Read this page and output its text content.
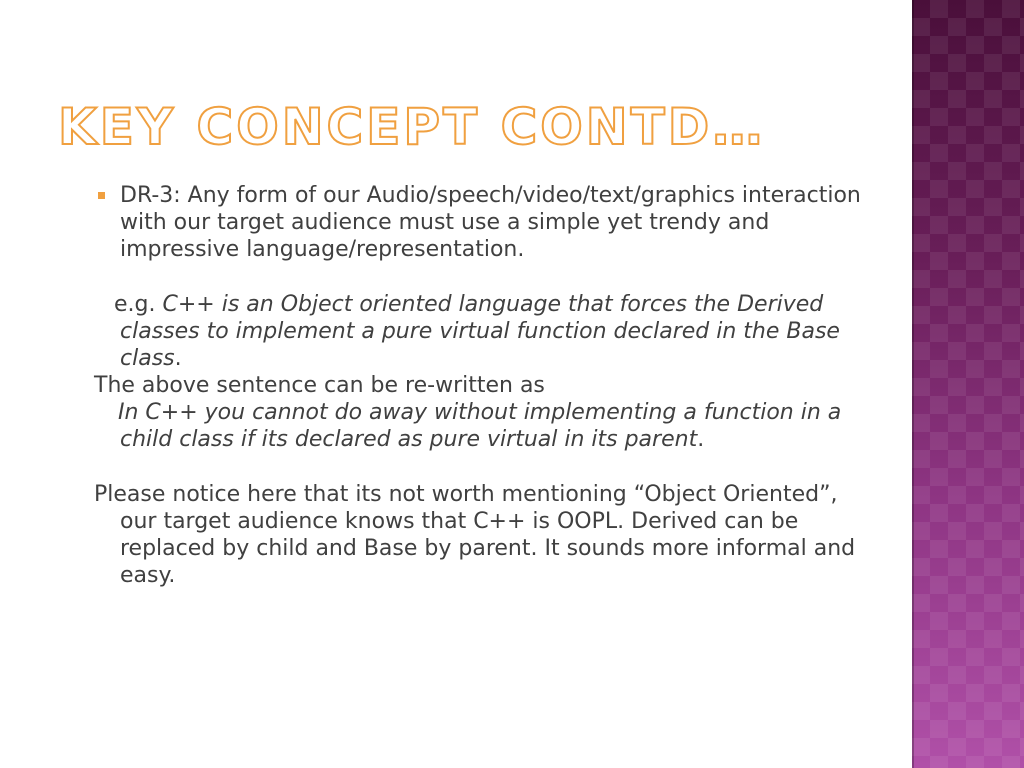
KEY CONCEPT CONTD…
DR-3: Any form of our Audio/speech/video/text/graphics interaction with our target audience must use a simple yet trendy and impressive language/representation.

e.g. C++ is an Object oriented language that forces the Derived classes to implement a pure virtual function declared in the Base class.

The above sentence can be re-written as

In C++ you cannot do away without implementing a function in a child class if its declared as pure virtual in its parent.

Please notice here that its not worth mentioning “Object Oriented”, our target audience knows that C++ is OOPL. Derived can be replaced by child and Base by parent. It sounds more informal and easy.
